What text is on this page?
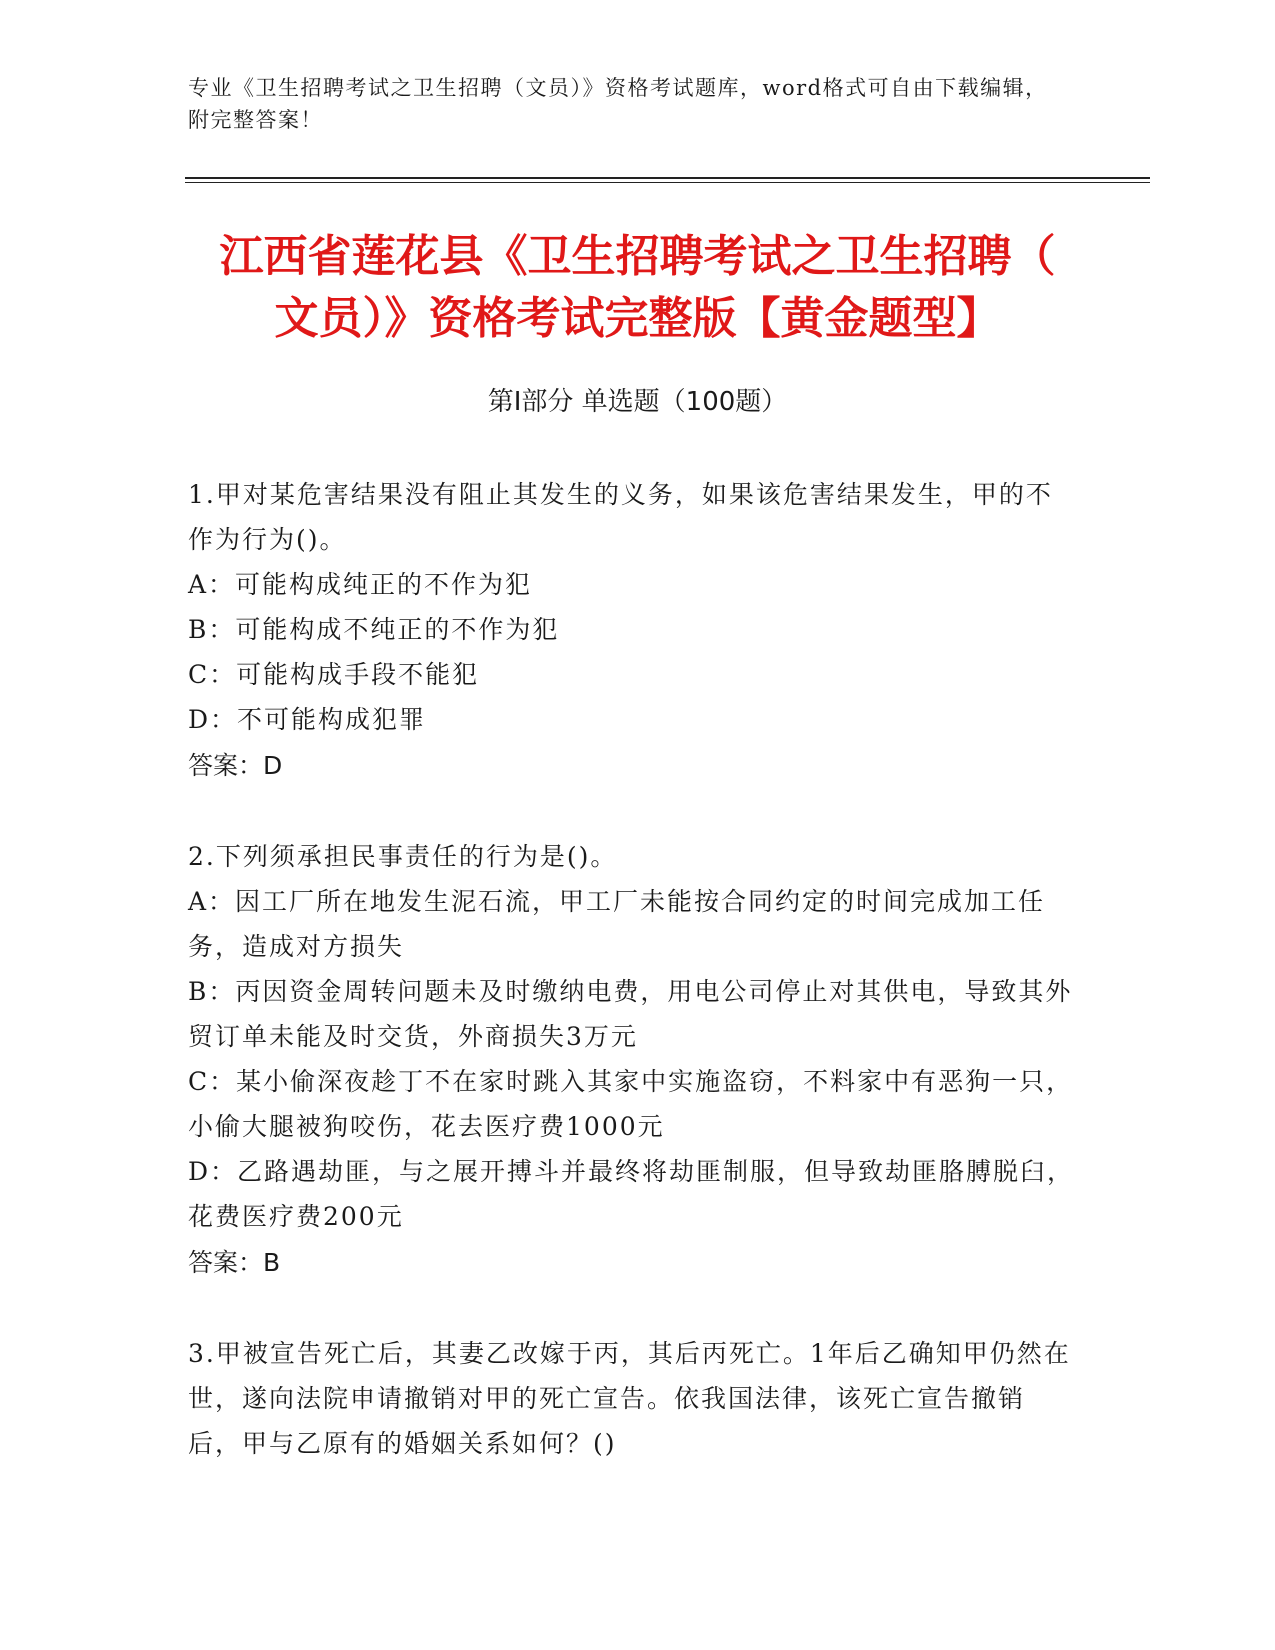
专业《卫生招聘考试之卫生招聘（文员）》资格考试题库，word格式可自由下载编辑，附完整答案！
江西省莲花县《卫生招聘考试之卫生招聘（
文员）》资格考试完整版【黄金题型】
第Ⅰ部分 单选题（100题）
1.甲对某危害结果没有阻止其发生的义务，如果该危害结果发生，甲的不作为行为()。
A：可能构成纯正的不作为犯
B：可能构成不纯正的不作为犯
C：可能构成手段不能犯
D：不可能构成犯罪
答案：D
2.下列须承担民事责任的行为是()。
A：因工厂所在地发生泥石流，甲工厂未能按合同约定的时间完成加工任务，造成对方损失
B：丙因资金周转问题未及时缴纳电费，用电公司停止对其供电，导致其外贸订单未能及时交货，外商损失3万元
C：某小偷深夜趁丁不在家时跳入其家中实施盗窃，不料家中有恶狗一只，小偷大腿被狗咬伤，花去医疗费1000元
D：乙路遇劫匪，与之展开搏斗并最终将劫匪制服，但导致劫匪胳膊脱臼，花费医疗费200元
答案：B
3.甲被宣告死亡后，其妻乙改嫁于丙，其后丙死亡。1年后乙确知甲仍然在世，遂向法院申请撤销对甲的死亡宣告。依我国法律，该死亡宣告撤销后，甲与乙原有的婚姻关系如何？()
